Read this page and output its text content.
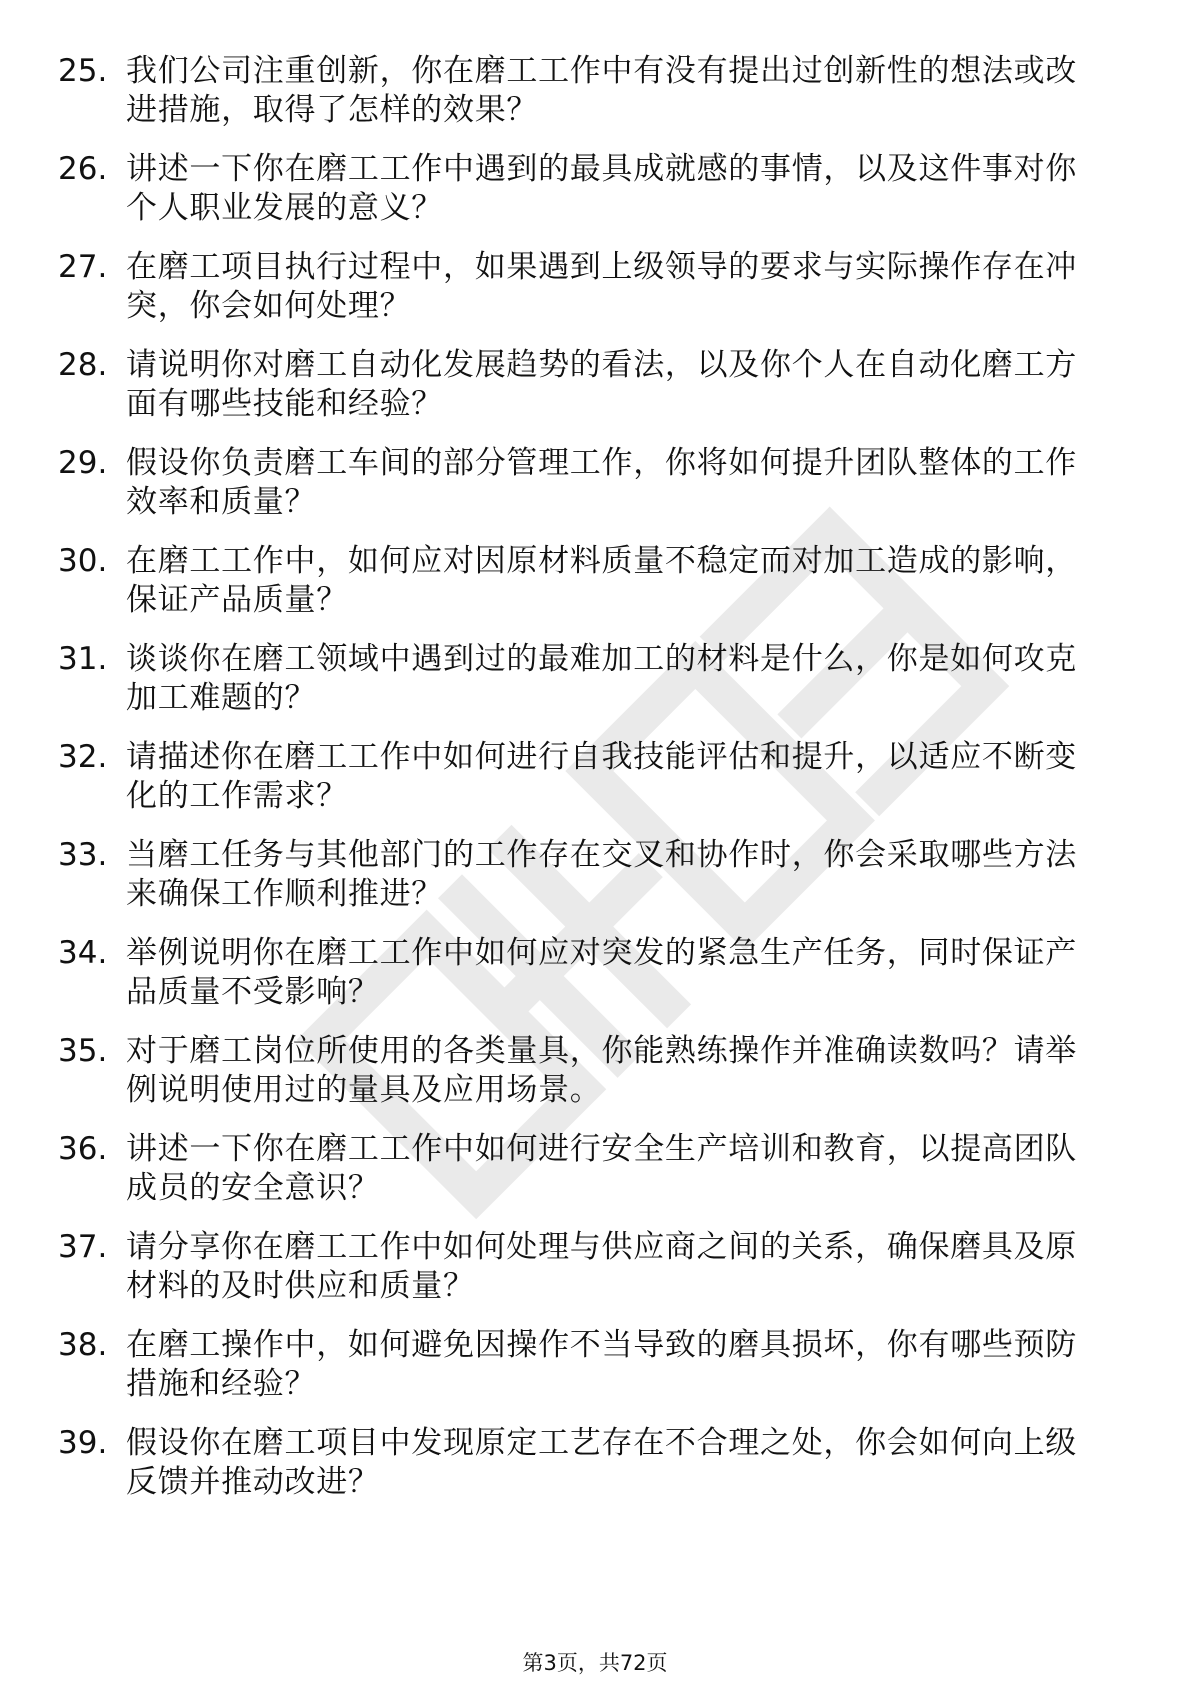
25. 我们公司注重创新，你在磨工工作中有没有提出过创新性的想法或改进措施，取得了怎样的效果？
26. 讲述一下你在磨工工作中遇到的最具成就感的事情，以及这件事对你个人职业发展的意义？
27. 在磨工项目执行过程中，如果遇到上级领导的要求与实际操作存在冲突，你会如何处理？
28. 请说明你对磨工自动化发展趋势的看法，以及你个人在自动化磨工方面有哪些技能和经验？
29. 假设你负责磨工车间的部分管理工作，你将如何提升团队整体的工作效率和质量？
30. 在磨工工作中，如何应对因原材料质量不稳定而对加工造成的影响，保证产品质量？
31. 谈谈你在磨工领域中遇到过的最难加工的材料是什么，你是如何攻克加工难题的？
32. 请描述你在磨工工作中如何进行自我技能评估和提升，以适应不断变化的工作需求？
33. 当磨工任务与其他部门的工作存在交叉和协作时，你会采取哪些方法来确保工作顺利推进？
34. 举例说明你在磨工工作中如何应对突发的紧急生产任务，同时保证产品质量不受影响？
35. 对于磨工岗位所使用的各类量具，你能熟练操作并准确读数吗？请举例说明使用过的量具及应用场景。
36. 讲述一下你在磨工工作中如何进行安全生产培训和教育，以提高团队成员的安全意识？
37. 请分享你在磨工工作中如何处理与供应商之间的关系，确保磨具及原材料的及时供应和质量？
38. 在磨工操作中，如何避免因操作不当导致的磨具损坏，你有哪些预防措施和经验？
39. 假设你在磨工项目中发现原定工艺存在不合理之处，你会如何向上级反馈并推动改进？
第3页，共72页
